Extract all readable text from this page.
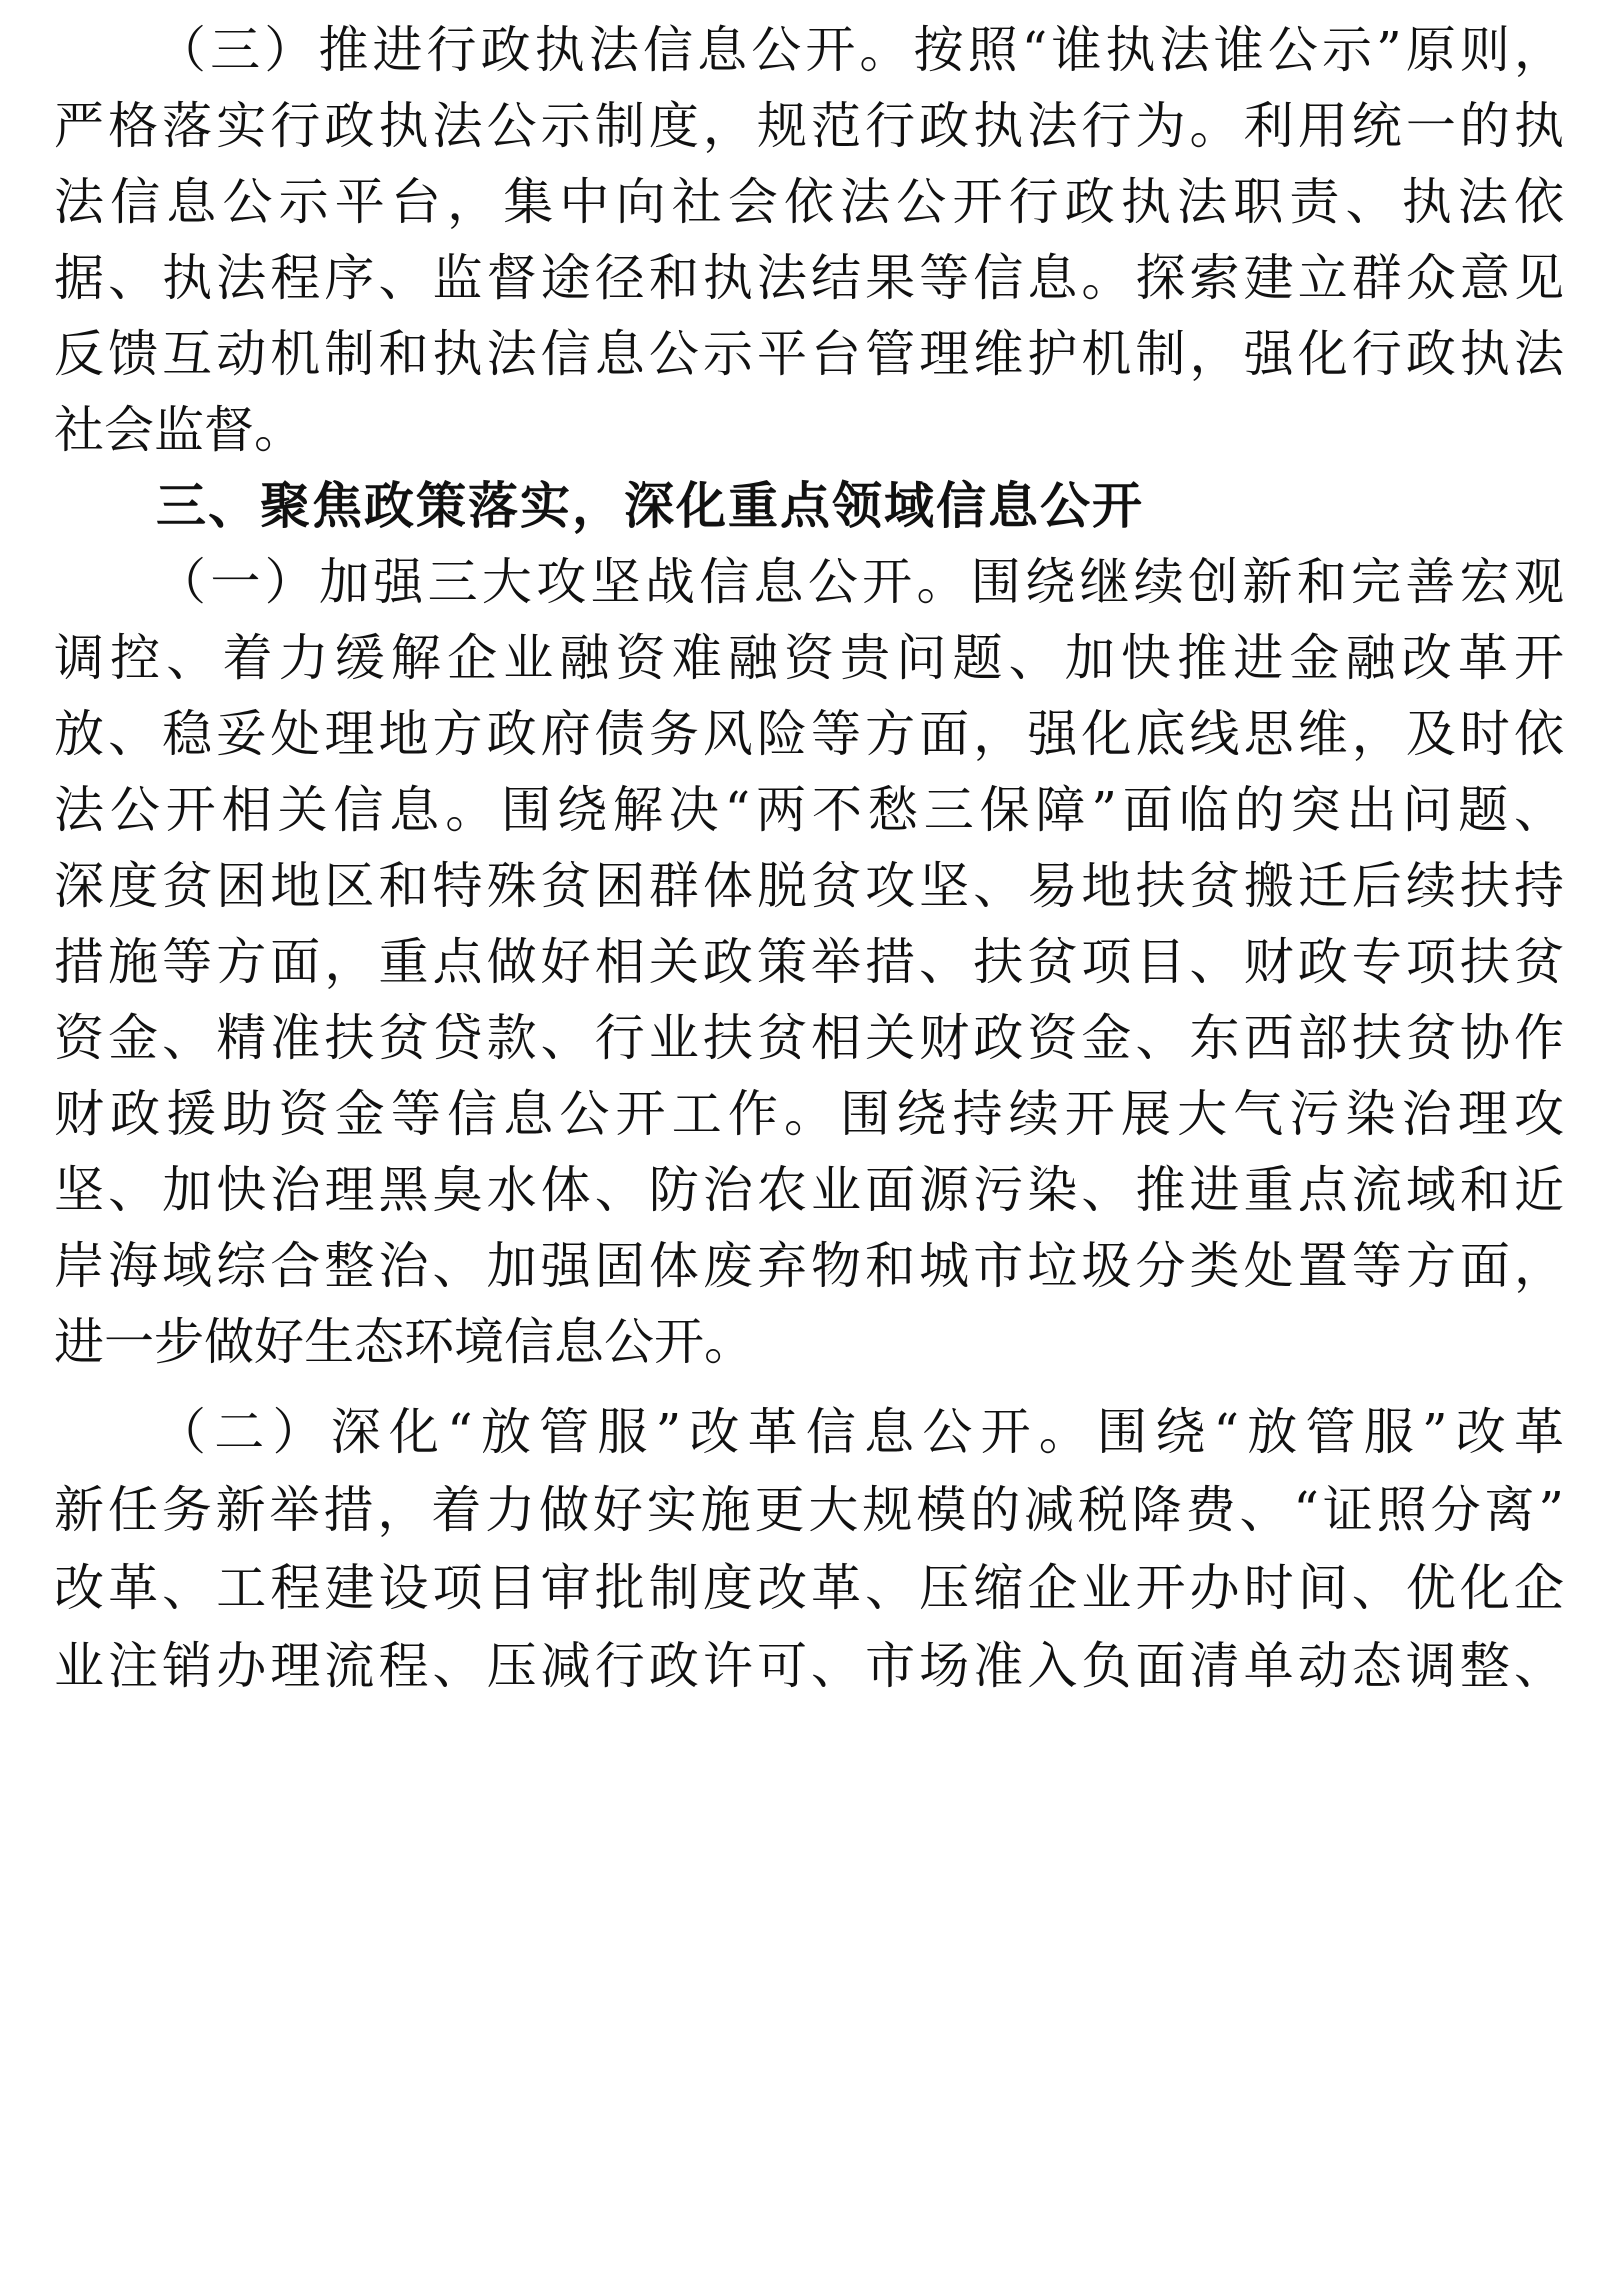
（三）推进行政执法信息公开。按照“谁执法谁公示”原则，
严格落实行政执法公示制度，规范行政执法行为。利用统一的执
法信息公示平台，集中向社会依法公开行政执法职责、执法依
据、执法程序、监督途径和执法结果等信息。探索建立群众意见
反馈互动机制和执法信息公示平台管理维护机制，强化行政执法
社会监督。
三、聚焦政策落实，深化重点领域信息公开
（一）加强三大攻坚战信息公开。围绕继续创新和完善宏观
调控、着力缓解企业融资难融资贵问题、加快推进金融改革开
放、稳妥处理地方政府债务风险等方面，强化底线思维，及时依
法公开相关信息。围绕解决“两不愁三保障”面临的突出问题、
深度贫困地区和特殊贫困群体脱贫攻坚、易地扶贫搬迁后续扶持
措施等方面，重点做好相关政策举措、扶贫项目、财政专项扶贫
资金、精准扶贫贷款、行业扶贫相关财政资金、东西部扶贫协作
财政援助资金等信息公开工作。围绕持续开展大气污染治理攻
坚、加快治理黑臭水体、防治农业面源污染、推进重点流域和近
岸海域综合整治、加强固体废弃物和城市垃圾分类处置等方面，
进一步做好生态环境信息公开。
（二）深化“放管服”改革信息公开。围绕“放管服”改革
新任务新举措，着力做好实施更大规模的减税降费、“证照分离”
改革、工程建设项目审批制度改革、压缩企业开办时间、优化企
业注销办理流程、压减行政许可、市场准入负面清单动态调整、
